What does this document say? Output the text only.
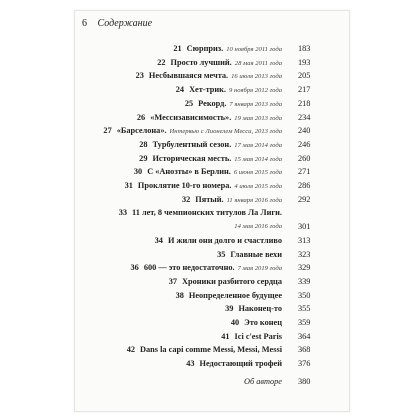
6 Содержание
21 Сюрприз. 10 ноября 2011 года 183
22 Просто лучший. 28 мая 2011 года 193
23 Несбывшаяся мечта. 16 июля 2013 года 205
24 Хет-трик. 9 ноября 2012 года 217
25 Рекорд. 7 января 2013 года 218
26 «Мессизависимость». 19 мая 2013 года 234
27 «Барселона». Интервью с Лионелем Месси, 2013 года 240
28 Турбулентный сезон. 17 мая 2014 года 246
29 Историческая месть. 15 мая 2014 года 260
30 С «Анозты» в Берлин. 6 июня 2015 года 271
31 Проклятие 10-го номера. 4 июля 2015 года 286
32 Пятый. 11 января 2016 года 292
33 11 лет, 8 чемпионских титулов Ла Лиги.
14 мая 2016 года 301
34 И жили они долго и счастливо 313
35 Главные вехи 323
36 600 — это недостаточно. 7 мая 2019 года 329
37 Хроники разбитого сердца 339
38 Неопределенное будущее 350
39 Наконец-то 355
40 Это конец 359
41 Ici c'est Paris 364
42 Dans la capi comme Messi, Messi, Messi 368
43 Недостающий трофей 376
Об авторе 380
